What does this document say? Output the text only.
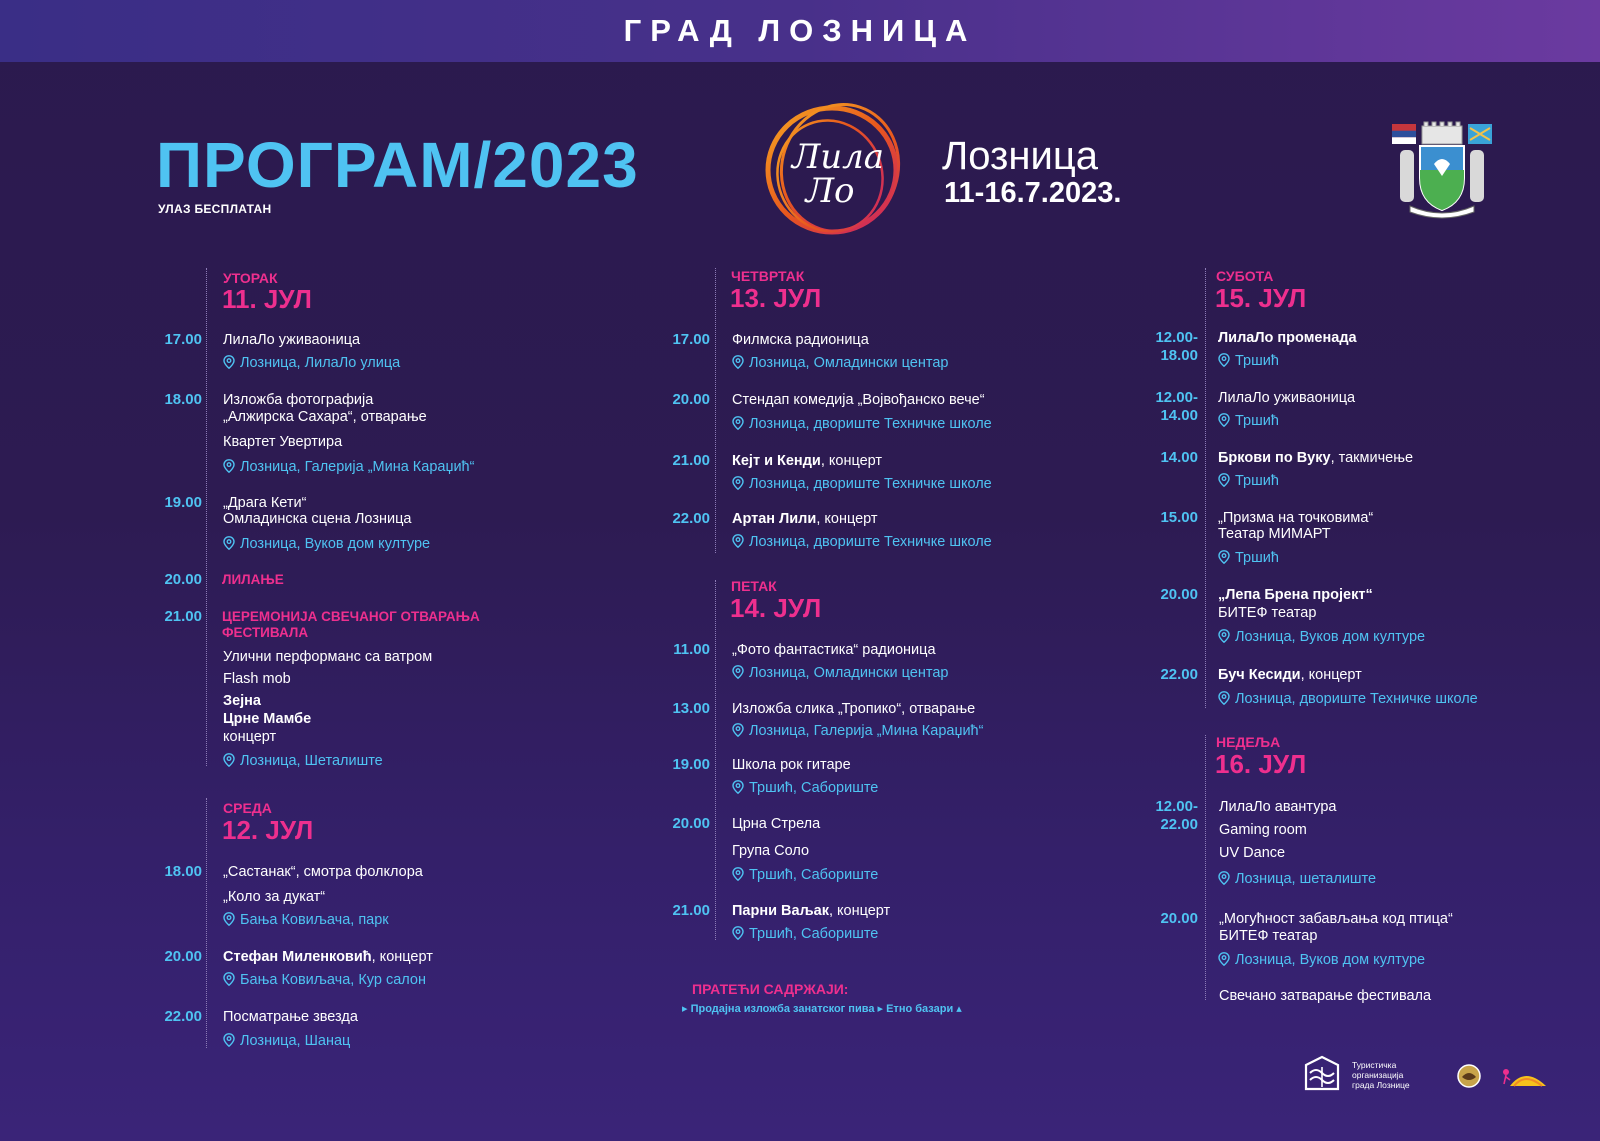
ГРАД ЛОЗНИЦА
ПРОГРАМ/2023
УЛАЗ БЕСПЛАТАН
Лила
Ло
Лозница
11-16.7.2023.
УТОРАК
11. ЈУЛ
17.00 ЛилаЛо уживаоница
Лозница, ЛилаЛо улица
18.00 Изложба фотографија
„Алжирска Сахара“, отварање
Квартет Увертира
Лозница, Галерија „Мина Караџић“
19.00 „Драга Кети“
Омладинска сцена Лозница
Лозница, Вуков дом културе
20.00 ЛИЛАЊЕ
21.00 ЦЕРЕМОНИЈА СВЕЧАНОГ ОТВАРАЊА
ФЕСТИВАЛА
Улични перформанс са ватром
Flash mob
Зејна
Црне Мамбе
концерт
Лозница, Шеталиште
СРЕДА
12. ЈУЛ
18.00 „Састанак“, смотра фолклора
„Коло за дукат“
Бања Ковиљача, парк
20.00 Стефан Миленковић, концерт
Бања Ковиљача, Кур салон
22.00 Посматрање звезда
Лозница, Шанац
ЧЕТВРТАК
13. ЈУЛ
17.00 Филмска радионица
Лозница, Омладински центар
20.00 Стендап комедија „Војвођанско вече“
Лозница, двориште Техничке школе
21.00 Кејт и Кенди, концерт
Лозница, двориште Техничке школе
22.00 Артан Лили, концерт
Лозница, двориште Техничке школе
ПЕТАК
14. ЈУЛ
11.00 „Фото фантастика“ радионица
Лозница, Омладински центар
13.00 Изложба слика „Тропико“, отварање
Лозница, Галерија „Мина Караџић“
19.00 Школа рок гитаре
Тршић, Сабориште
20.00 Црна Стрела
Група Соло
Тршић, Сабориште
21.00 Парни Ваљак, концерт
Тршић, Сабориште
ПРАТЕЋИ САДРЖАЈИ:
▸ Продајна изложба занатског пива ▸ Етно базари ▴
СУБОТА
15. ЈУЛ
12.00-
18.00
ЛилаЛо променада
Тршић
12.00-
14.00
ЛилаЛо уживаоница
Тршић
14.00 Бркови по Вуку, такмичење
Тршић
15.00 „Призма на точковима“
Театар МИМАРТ
Тршић
20.00 „Лепа Брена пројект“
БИТЕФ театар
Лозница, Вуков дом културе
22.00 Буч Кесиди, концерт
Лозница, двориште Техничке школе
НЕДЕЉА
16. ЈУЛ
12.00-
22.00
ЛилаЛо авантура
Gaming room
UV Dance
Лозница, шеталиште
20.00 „Могућност забављања код птица“
БИТЕФ театар
Лозница, Вуков дом културе
Свечано затварање фестивала
Туристичка
организација
града Лознице
